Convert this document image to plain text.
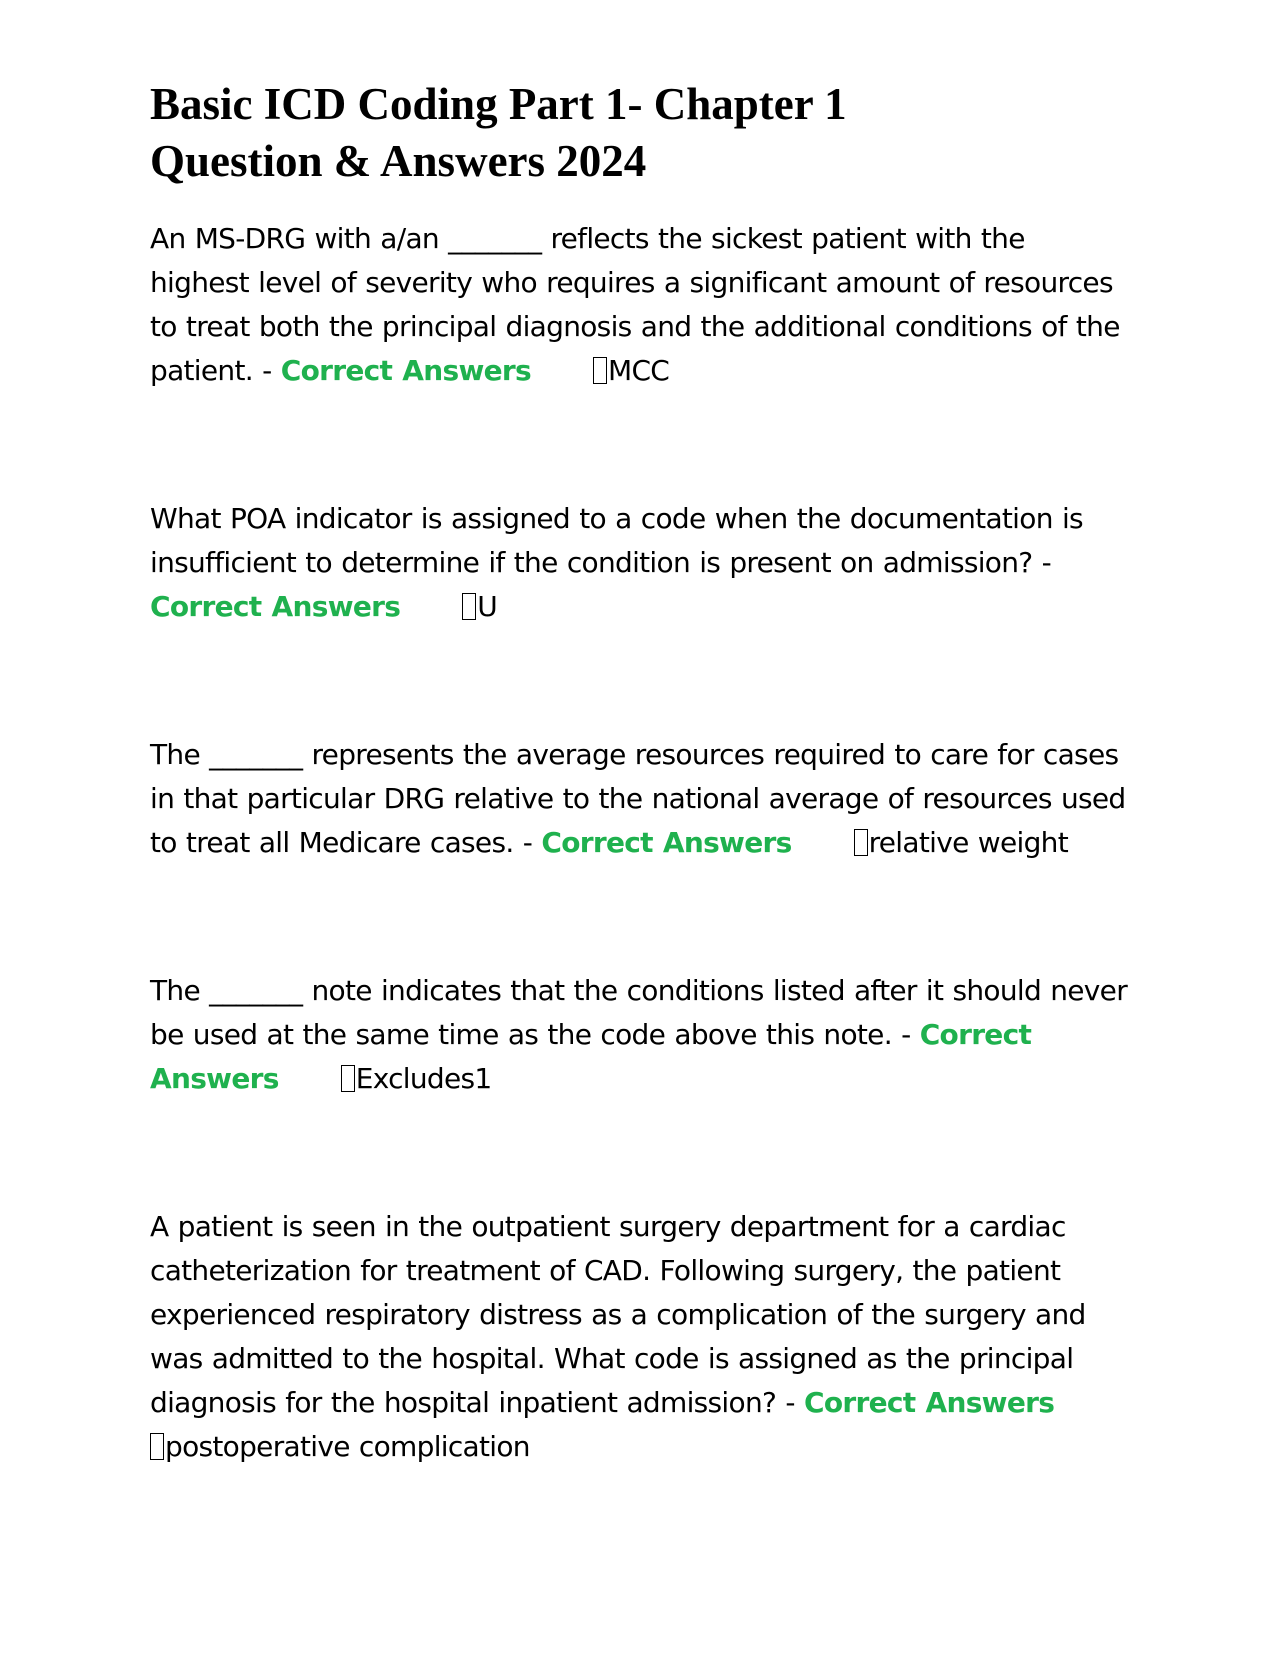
Basic ICD Coding Part 1- Chapter 1
Question & Answers 2024

An MS-DRG with a/an _______ reflects the sickest patient with the highest level of severity who requires a significant amount of resources to treat both the principal diagnosis and the additional conditions of the patient. - Correct Answers	MCC

What POA indicator is assigned to a code when the documentation is insufficient to determine if the condition is present on admission? - Correct Answers	U

The _______ represents the average resources required to care for cases in that particular DRG relative to the national average of resources used to treat all Medicare cases. - Correct Answers	relative weight

The _______ note indicates that the conditions listed after it should never be used at the same time as the code above this note. - Correct Answers	Excludes1

A patient is seen in the outpatient surgery department for a cardiac catheterization for treatment of CAD. Following surgery, the patient experienced respiratory distress as a complication of the surgery and was admitted to the hospital. What code is assigned as the principal diagnosis for the hospital inpatient admission? - Correct Answerspostoperative complication
